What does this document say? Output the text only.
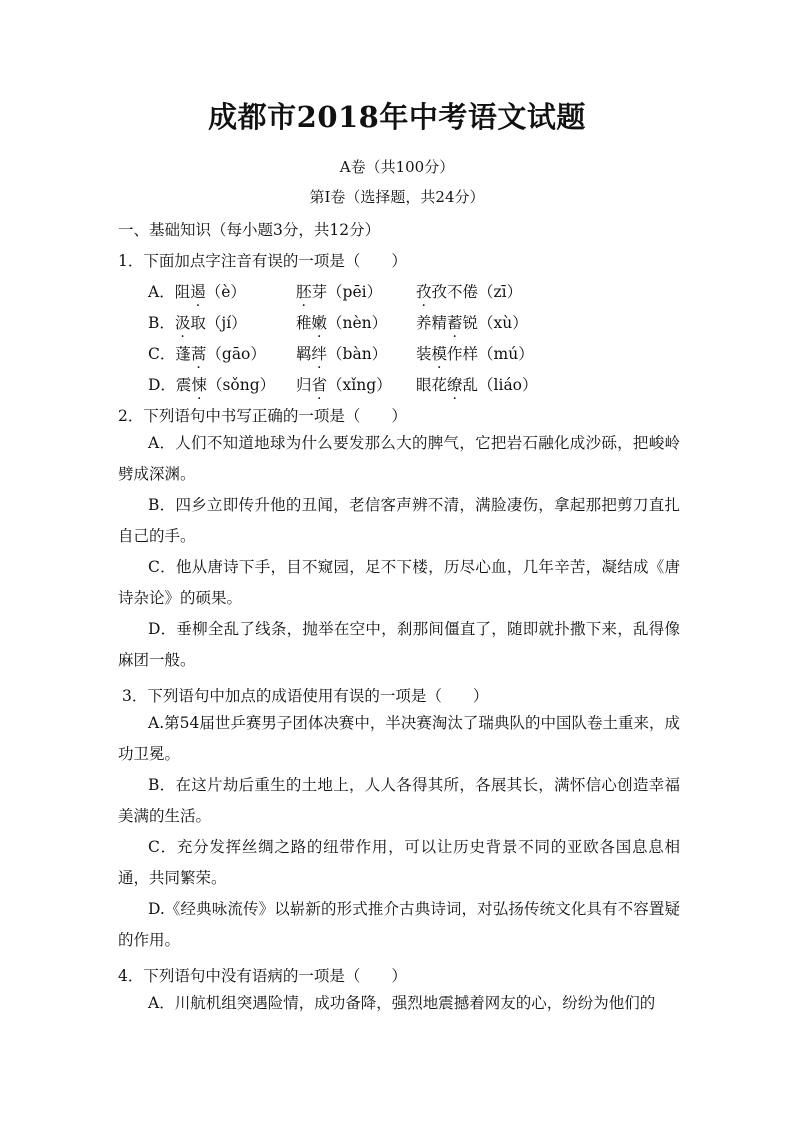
成都市2018年中考语文试题
A卷（共100分）
第Ⅰ卷（选择题，共24分）
一、基础知识（每小题3分，共12分）
1．下面加点字注音有误的一项是（　　）
A．阻遏（è）	胚芽（pēi） 孜孜不倦（zī）
B．汲取（jí）	稚嫩（nèn） 养精蓄锐（xù）
C．蓬蒿（gāo） 羁绊（bàn） 装模作样（mú）
D．震悚（sǒng） 归省（xǐng） 眼花缭乱（liáo）
2．下列语句中书写正确的一项是（　　）
A．人们不知道地球为什么要发那么大的脾气，它把岩石融化成沙砾，把峻岭劈成深渊。
B．四乡立即传升他的丑闻，老信客声辨不清，满脸凄伤，拿起那把剪刀直扎自己的手。
C．他从唐诗下手，目不窥园，足不下楼，历尽心血，几年辛苦，凝结成《唐诗杂论》的硕果。
D．垂柳全乱了线条，抛举在空中，刹那间僵直了，随即就扑撒下来，乱得像麻团一般。
3．下列语句中加点的成语使用有误的一项是（　　）
A.第54届世乒赛男子团体决赛中，半决赛淘汰了瑞典队的中国队卷土重来，成功卫冕。
B．在这片劫后重生的土地上，人人各得其所，各展其长，满怀信心创造幸福美满的生活。
C．充分发挥丝绸之路的纽带作用，可以让历史背景不同的亚欧各国息息相通，共同繁荣。
D.《经典咏流传》以崭新的形式推介古典诗词，对弘扬传统文化具有不容置疑的作用。
4．下列语句中没有语病的一项是（　　）
A．川航机组突遇险情，成功备降，强烈地震撼着网友的心，纷纷为他们的
